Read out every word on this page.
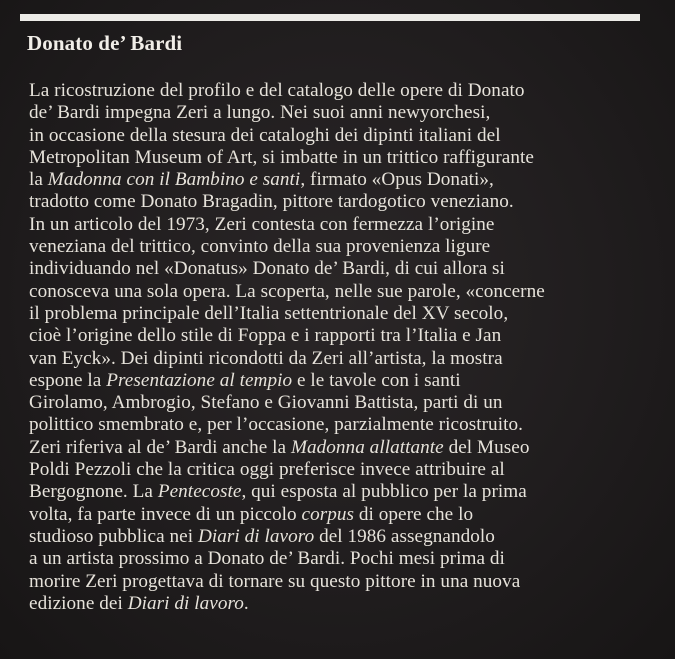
Donato de’ Bardi
La ricostruzione del profilo e del catalogo delle opere di Donato
de’ Bardi impegna Zeri a lungo. Nei suoi anni newyorchesi,
in occasione della stesura dei cataloghi dei dipinti italiani del
Metropolitan Museum of Art, si imbatte in un trittico raffigurante
la Madonna con il Bambino e santi, firmato «Opus Donati»,
tradotto come Donato Bragadin, pittore tardogotico veneziano.
In un articolo del 1973, Zeri contesta con fermezza l’origine
veneziana del trittico, convinto della sua provenienza ligure
individuando nel «Donatus» Donato de’ Bardi, di cui allora si
conosceva una sola opera. La scoperta, nelle sue parole, «concerne
il problema principale dell’Italia settentrionale del XV secolo,
cioè l’origine dello stile di Foppa e i rapporti tra l’Italia e Jan
van Eyck». Dei dipinti ricondotti da Zeri all’artista, la mostra
espone la Presentazione al tempio e le tavole con i santi
Girolamo, Ambrogio, Stefano e Giovanni Battista, parti di un
polittico smembrato e, per l’occasione, parzialmente ricostruito.
Zeri riferiva al de’ Bardi anche la Madonna allattante del Museo
Poldi Pezzoli che la critica oggi preferisce invece attribuire al
Bergognone. La Pentecoste, qui esposta al pubblico per la prima
volta, fa parte invece di un piccolo corpus di opere che lo
studioso pubblica nei Diari di lavoro del 1986 assegnandolo
a un artista prossimo a Donato de’ Bardi. Pochi mesi prima di
morire Zeri progettava di tornare su questo pittore in una nuova
edizione dei Diari di lavoro.
